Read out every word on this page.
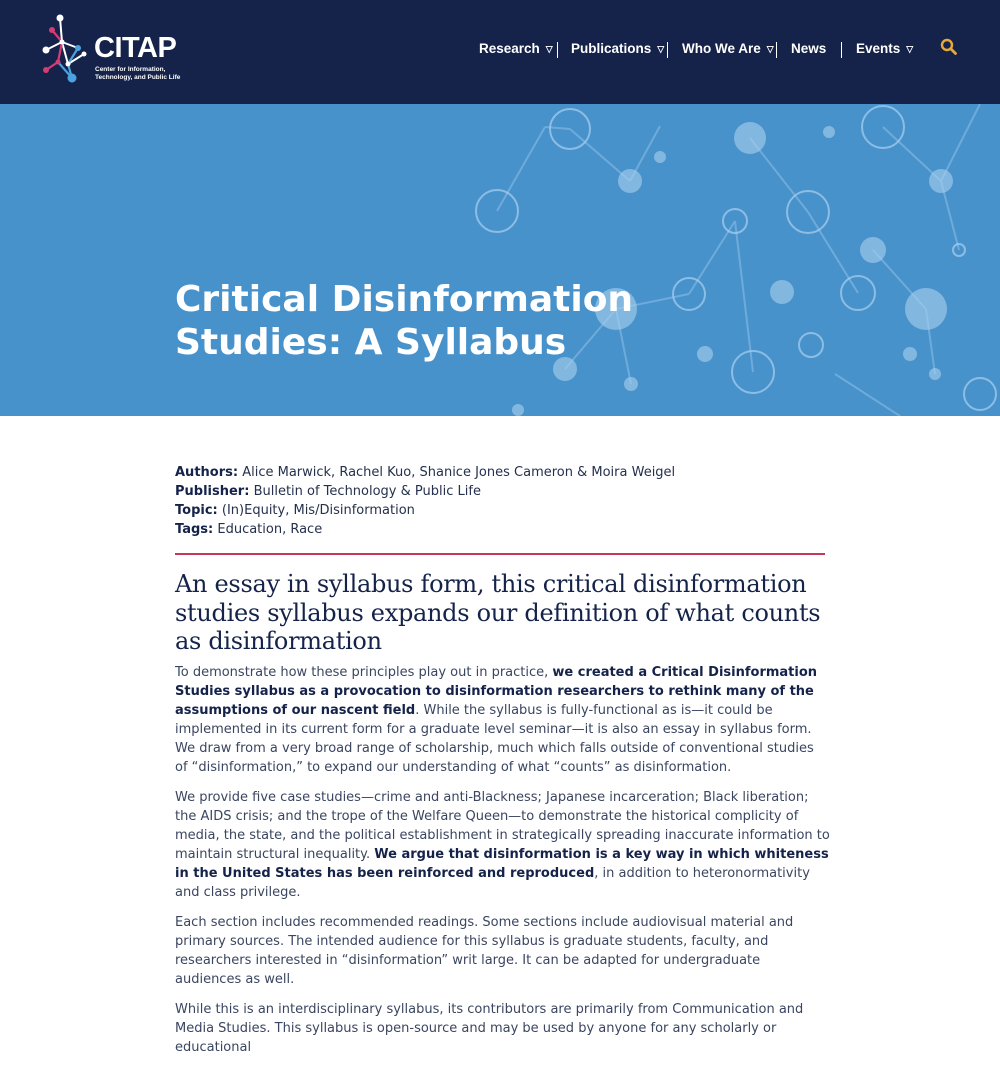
CITAP
Center for Information,
Technology, and Public Life
Research ▽ Publications ▽ Who We Are ▽ News Events ▽
Critical Disinformation
Studies: A Syllabus
Authors: Alice Marwick, Rachel Kuo, Shanice Jones Cameron & Moira Weigel
Publisher: Bulletin of Technology & Public Life
Topic: (In)Equity, Mis/Disinformation
Tags: Education, Race
An essay in syllabus form, this critical disinformation studies syllabus expands our definition of what counts as disinformation

To demonstrate how these principles play out in practice, we created a Critical Disinformation Studies syllabus as a provocation to disinformation researchers to rethink many of the assumptions of our nascent field. While the syllabus is fully-functional as is—it could be implemented in its current form for a graduate level seminar—it is also an essay in syllabus form. We draw from a very broad range of scholarship, much which falls outside of conventional studies of “disinformation,” to expand our understanding of what “counts” as disinformation.

We provide five case studies—crime and anti-Blackness; Japanese incarceration; Black liberation; the AIDS crisis; and the trope of the Welfare Queen—to demonstrate the historical complicity of media, the state, and the political establishment in strategically spreading inaccurate information to maintain structural inequality. We argue that disinformation is a key way in which whiteness in the United States has been reinforced and reproduced, in addition to heteronormativity and class privilege.

Each section includes recommended readings. Some sections include audiovisual material and primary sources. The intended audience for this syllabus is graduate students, faculty, and researchers interested in “disinformation” writ large. It can be adapted for undergraduate audiences as well.

While this is an interdisciplinary syllabus, its contributors are primarily from Communication and Media Studies. This syllabus is open-source and may be used by anyone for any scholarly or educational
